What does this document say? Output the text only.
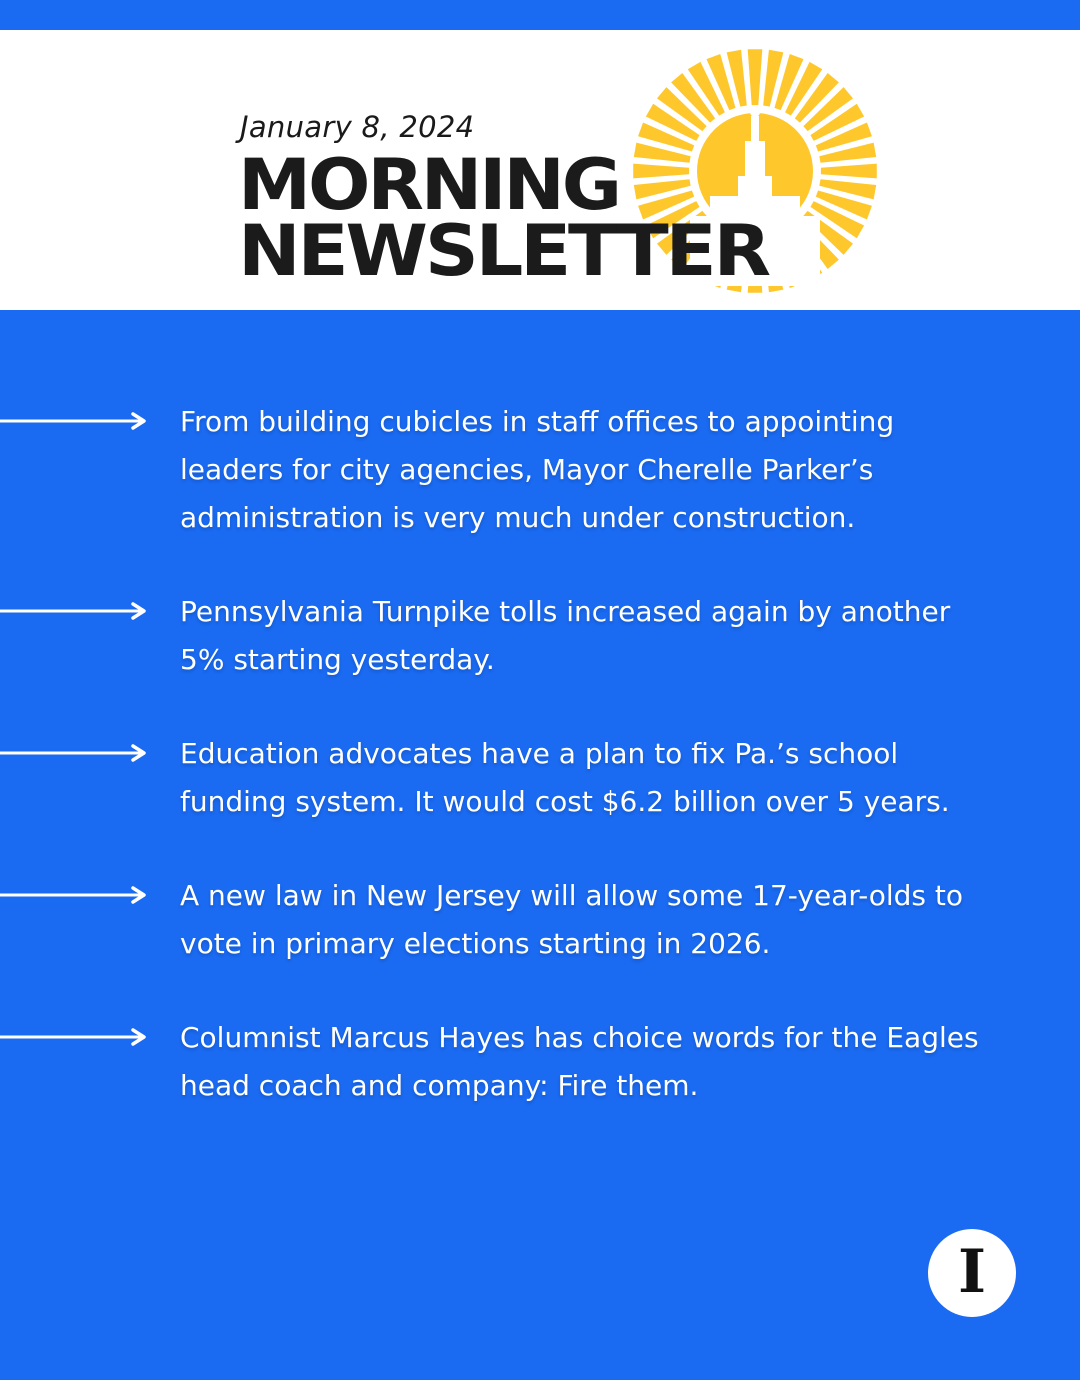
January 8, 2024
MORNING
NEWSLETTER
From building cubicles in staff offices to appointing leaders for city agencies, Mayor Cherelle Parker’s administration is very much under construction.
Pennsylvania Turnpike tolls increased again by another 5% starting yesterday.
Education advocates have a plan to fix Pa.’s school funding system. It would cost $6.2 billion over 5 years.
A new law in New Jersey will allow some 17-year-olds to vote in primary elections starting in 2026.
Columnist Marcus Hayes has choice words for the Eagles head coach and company: Fire them.
I
